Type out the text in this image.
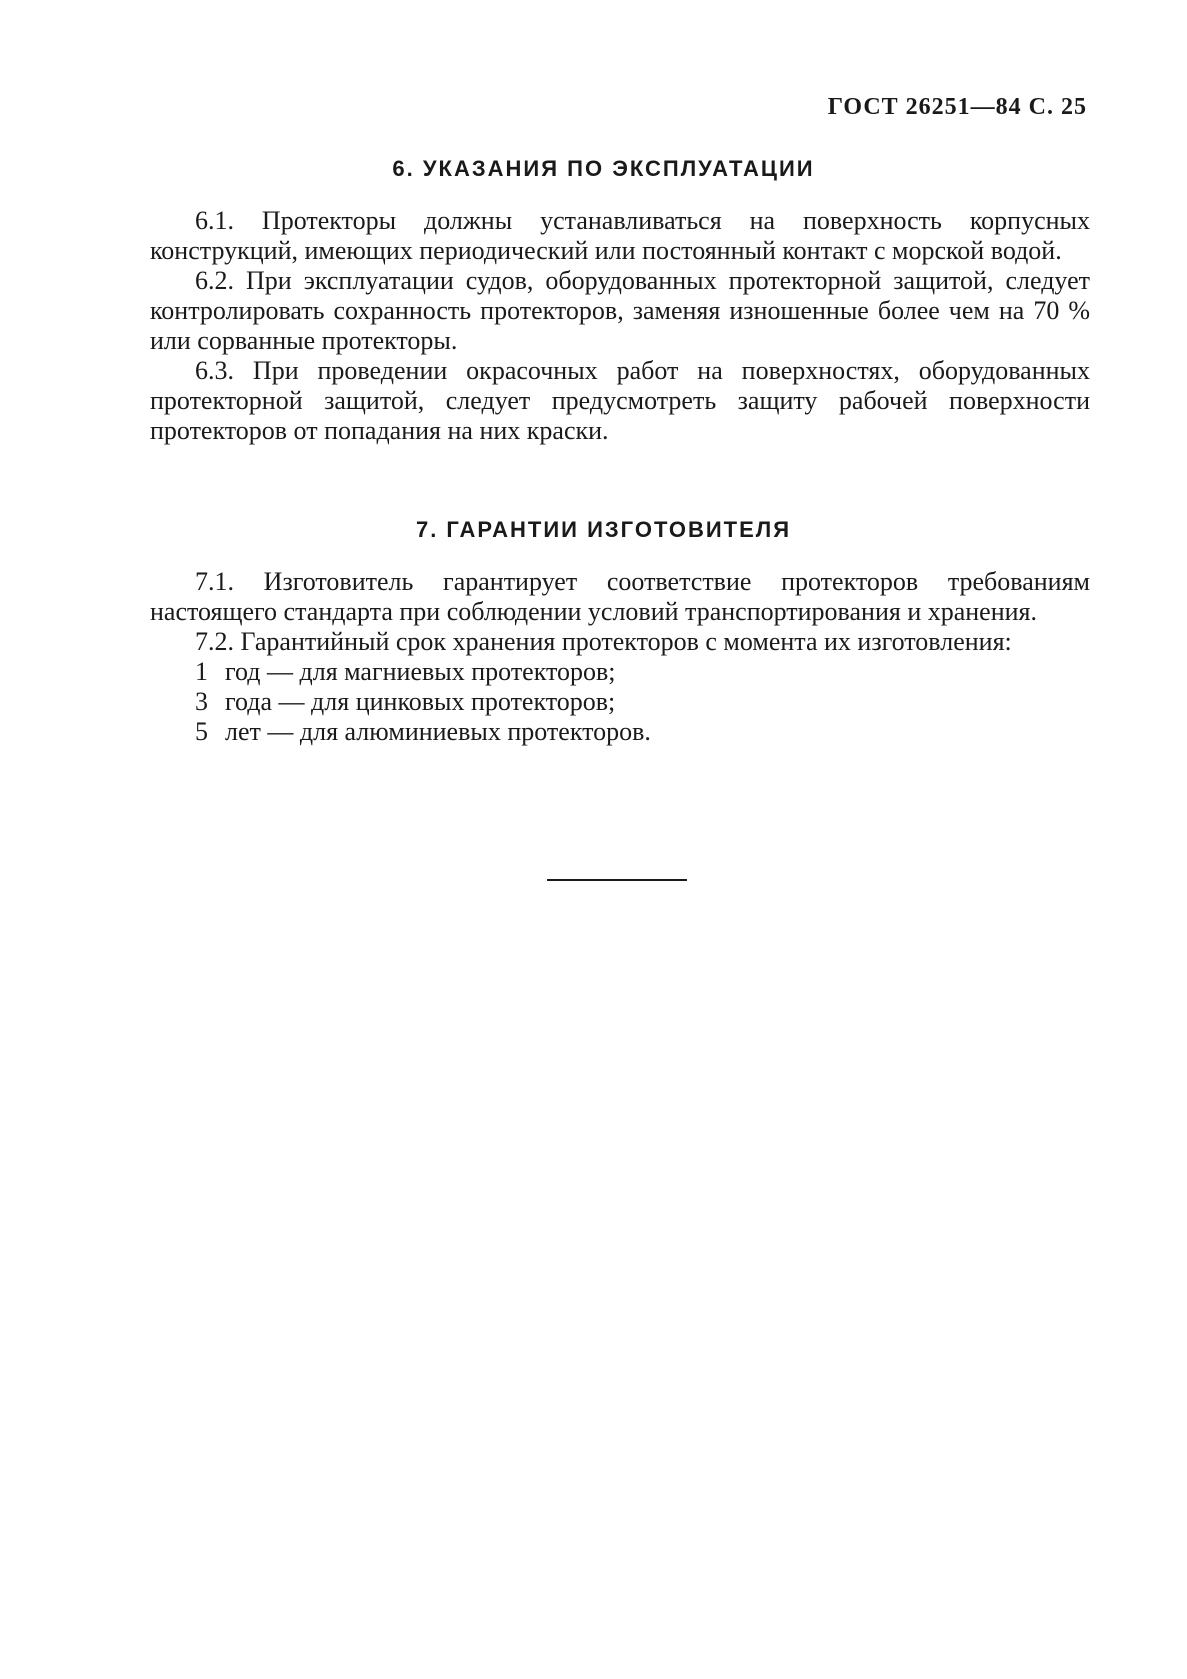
ГОСТ 26251—84 С. 25
6. УКАЗАНИЯ ПО ЭКСПЛУАТАЦИИ

6.1. Протекторы должны устанавливаться на поверхность корпусных конструкций, имеющих периодический или постоянный контакт с морской водой.

6.2. При эксплуатации судов, оборудованных протекторной защитой, следует контролировать сохранность протекторов, заменяя изношенные более чем на 70 % или сорванные протекторы.

6.3. При проведении окрасочных работ на поверхностях, оборудованных протекторной защитой, следует предусмотреть защиту рабочей поверхности протекторов от попадания на них краски.

7. ГАРАНТИИ ИЗГОТОВИТЕЛЯ

7.1. Изготовитель гарантирует соответствие протекторов требованиям настоящего стандарта при соблюдении условий транспортирования и хранения.

7.2. Гарантийный срок хранения протекторов с момента их изготовления:

1 год — для магниевых протекторов;
3 года — для цинковых протекторов;
5 лет — для алюминиевых протекторов.
